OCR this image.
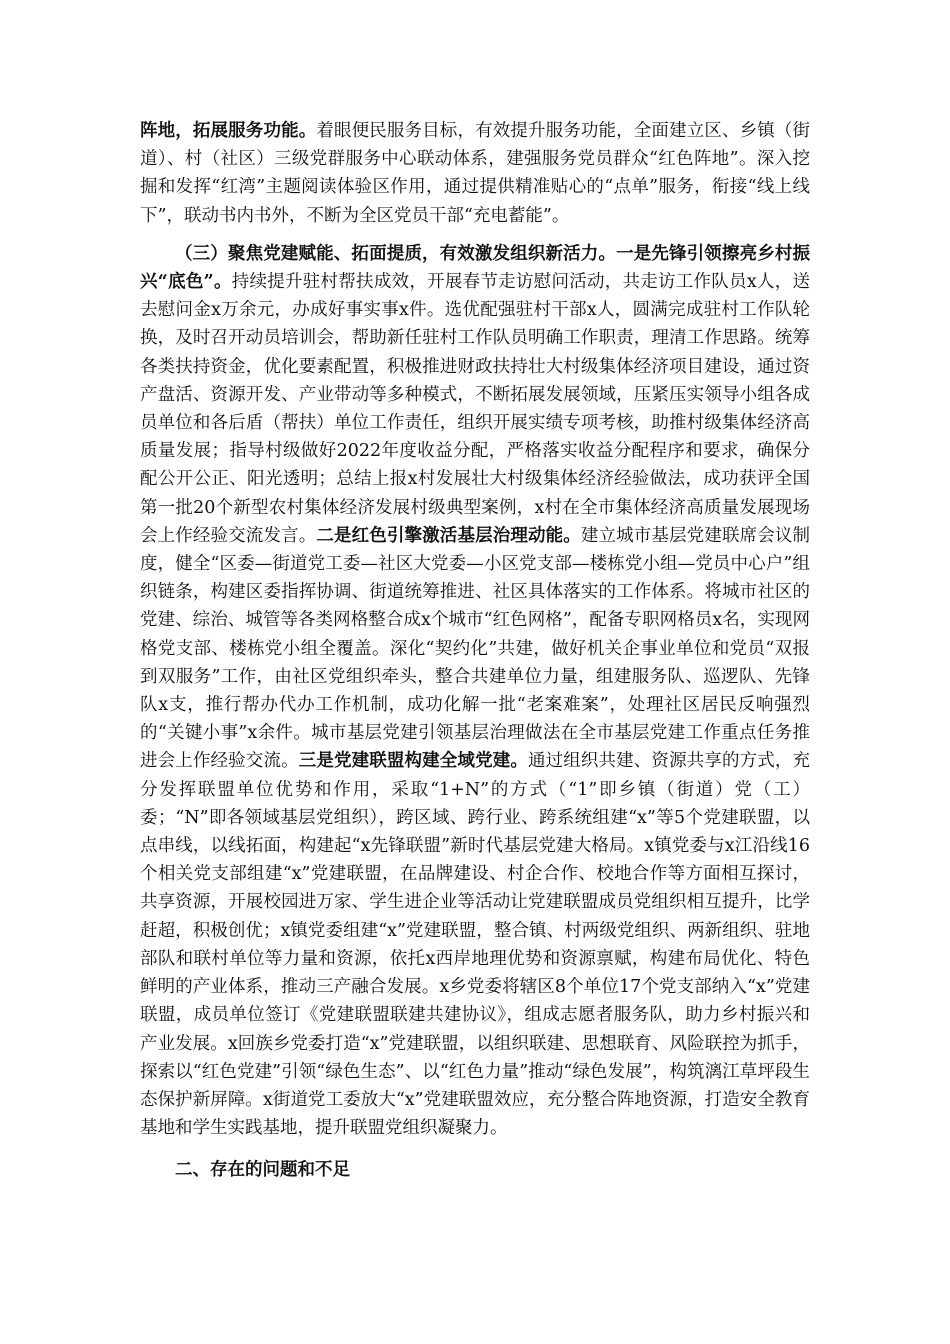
阵地，拓展服务功能。着眼便民服务目标，有效提升服务功能，全面建立区、乡镇（街道）、村（社区）三级党群服务中心联动体系，建强服务党员群众“红色阵地”。深入挖掘和发挥“红湾”主题阅读体验区作用，通过提供精准贴心的“点单”服务，衔接“线上线下”，联动书内书外，不断为全区党员干部“充电蓄能”。

（三）聚焦党建赋能、拓面提质，有效激发组织新活力。一是先锋引领擦亮乡村振兴“底色”。持续提升驻村帮扶成效，开展春节走访慰问活动，共走访工作队员x人，送去慰问金x万余元，办成好事实事x件。选优配强驻村干部x人，圆满完成驻村工作队轮换，及时召开动员培训会，帮助新任驻村工作队员明确工作职责，理清工作思路。统筹各类扶持资金，优化要素配置，积极推进财政扶持壮大村级集体经济项目建设，通过资产盘活、资源开发、产业带动等多种模式，不断拓展发展领域，压紧压实领导小组各成员单位和各后盾（帮扶）单位工作责任，组织开展实绩专项考核，助推村级集体经济高质量发展；指导村级做好2022年度收益分配，严格落实收益分配程序和要求，确保分配公开公正、阳光透明；总结上报x村发展壮大村级集体经济经验做法，成功获评全国第一批20个新型农村集体经济发展村级典型案例，x村在全市集体经济高质量发展现场会上作经验交流发言。二是红色引擎激活基层治理动能。建立城市基层党建联席会议制度，健全“区委—街道党工委—社区大党委—小区党支部—楼栋党小组—党员中心户”组织链条，构建区委指挥协调、街道统筹推进、社区具体落实的工作体系。将城市社区的党建、综治、城管等各类网格整合成x个城市“红色网格”，配备专职网格员x名，实现网格党支部、楼栋党小组全覆盖。深化“契约化”共建，做好机关企事业单位和党员“双报到双服务”工作，由社区党组织牵头，整合共建单位力量，组建服务队、巡逻队、先锋队x支，推行帮办代办工作机制，成功化解一批“老案难案”，处理社区居民反响强烈的“关键小事”x余件。城市基层党建引领基层治理做法在全市基层党建工作重点任务推进会上作经验交流。三是党建联盟构建全域党建。通过组织共建、资源共享的方式，充分发挥联盟单位优势和作用，采取“1+N”的方式（“1”即乡镇（街道）党（工）委；“N”即各领域基层党组织），跨区域、跨行业、跨系统组建“x”等5个党建联盟，以点串线，以线拓面，构建起“x先锋联盟”新时代基层党建大格局。x镇党委与x江沿线16个相关党支部组建“x”党建联盟，在品牌建设、村企合作、校地合作等方面相互探讨，共享资源，开展校园进万家、学生进企业等活动让党建联盟成员党组织相互提升，比学赶超，积极创优；x镇党委组建“x”党建联盟，整合镇、村两级党组织、两新组织、驻地部队和联村单位等力量和资源，依托x西岸地理优势和资源禀赋，构建布局优化、特色鲜明的产业体系，推动三产融合发展。x乡党委将辖区8个单位17个党支部纳入“x”党建联盟，成员单位签订《党建联盟联建共建协议》，组成志愿者服务队，助力乡村振兴和产业发展。x回族乡党委打造“x”党建联盟，以组织联建、思想联育、风险联控为抓手，探索以“红色党建”引领“绿色生态”、以“红色力量”推动“绿色发展”，构筑漓江草坪段生态保护新屏障。x街道党工委放大“x”党建联盟效应，充分整合阵地资源，打造安全教育基地和学生实践基地，提升联盟党组织凝聚力。

二、存在的问题和不足
